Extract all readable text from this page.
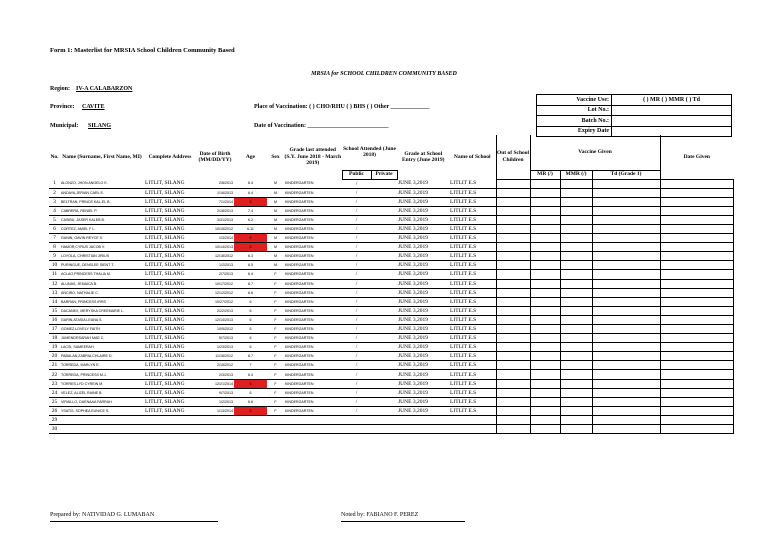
Form 1: Masterlist for MRSIA School Children Community Based
MRSIA for SCHOOL CHILDREN COMMUNITY BASED
Region: IV-A CALABARZON
Province: CAVITE
Municipal: SILANG
Place of Vaccination: ( ) CHO/RHU ( ) BHS ( ) Other _____________
Date of Vaccination: ___________________________
Vaccine Use:	( ) MR ( ) MMR ( ) Td
Lot No.:	
Batch No.:	
Expiry Date	
No.	Name (Surname, First Name, MI)	Complete Address	Date of Birth (MM/DD/YY)	Age	Sex	Grade last attended (S.Y. June 2018 - March 2019)	School Attended (June 2018)		Grade at School Entry (June 2019)	Name of School	Out of School Children	Vaccine Given			Date Given
							Public	Private				MR (/)	MMR (/)	Td (Grade 1)	
1	ALONZO, JHON ANGELO E.	LITLIT, SILANG	2/8/2013	6.4	M	KINDERGARTEN	/		JUNE 3,2019	LITLIT E.S					
2	ANDAYA,JERIAN CARL E.	LITLIT, SILANG	1/16/2013	6.4	M	KINDERGARTEN	/		JUNE 3,2019	LITLIT E.S					
3	BELTRAN, PRINCE KAL-EL B.	LITLIT, SILANG	7/1/2014	5	M	KINDERGARTEN	/		JUNE 3,2019	LITLIT E.S					
4	CABRERA, RENIEL P.	LITLIT, SILANG	2/18/2013	7.4	M	KINDERGARTEN	/		JUNE 3,2019	LITLIT E.S					
5	CASIBU, JASER KALEB B.	LITLIT, SILANG	3/31/2013	6.2	M	KINDERGARTEN	/		JUNE 3,2019	LITLIT E.S					
6	CORTEZ, AMIEL F L.	LITLIT, SILANG	10/15/2012	6.11	M	KINDERGARTEN	/		JUNE 3,2019	LITLIT E.S					
7	GANIN, GAVIN REYCE S.	LITLIT, SILANG	1/3/2014	5	M	KINDERGARTEN	/		JUNE 3,2019	LITLIT E.S					
8	HAMOR,CYRUS JACOB V.	LITLIT, SILANG	10/14/2013	5	M	KINDERGARTEN	/		JUNE 3,2019	LITLIT E.S					
9	LOYOLA, CHRISTIAN JIRIUS	LITLIT, SILANG	12/18/2012	6.3	M	KINDERGARTEN	/		JUNE 3,2019	LITLIT E.S					
10	PURINGUE, DENSLEE SIENT T.	LITLIT, SILANG	1/2/2013	6.5	M	KINDERGARTEN	/		JUNE 3,2019	LITLIT E.S					
11	ACLAO,PRINCESS THALIA M.	LITLIT, SILANG	2/7/2013	6.4	F	KINDERGARTEN	/		JUNE 3,2019	LITLIT E.S					
12	ALUNAS, JEMAICA B.	LITLIT, SILANG	10/17/2012	6.7	F	KINDERGARTEN	/		JUNE 3,2019	LITLIT E.S					
13	ANCIRO, NATHALIE C.	LITLIT, SILANG	12/12/2012	6.6	F	KINDERGARTEN	/		JUNE 3,2019	LITLIT E.S					
14	BARRAN, PRINCESS IRRS	LITLIT, SILANG	10/27/2012	6	F	KINDERGARTEN	/		JUNE 3,2019	LITLIT E.S					
15	DACANEX, MERYSKA CREEMARIE L.	LITLIT, SILANG	2/22/2013	6	F	KINDERGARTEN	/		JUNE 3,2019	LITLIT E.S					
16	GARIN,ATASIA LEANA S.	LITLIT, SILANG	12/14/2013	6	F	KINDERGARTEN	/		JUNE 3,2019	LITLIT E.S					
17	GOMEZ,LOVELY FAITH	LITLIT, SILANG	10/5/2012	6	F	KINDERGARTEN	/		JUNE 3,2019	LITLIT E.S					
18	JUMENDRSARAH MAE C.	LITLIT, SILANG	5/7/2013	6	F	KINDERGARTEN	/		JUNE 3,2019	LITLIT E.S					
19	LACSI, SAMEERAH	LITLIT, SILANG	1/23/2013	6	F	KINDERGARTEN	/		JUNE 3,2019	LITLIT E.S					
20	PABALAN,ZABRIA,CHLAIRE D.	LITLIT, SILANG	11/16/2012	6.7	F	KINDERGARTEN	/		JUNE 3,2019	LITLIT E.S					
21	TORREDA, MARLYN E.	LITLIT, SILANG	2/15/2012	7	F	KINDERGARTEN	/		JUNE 3,2019	LITLIT E.S					
22	TORREDA, PRINCESS M.J.	LITLIT, SILANG	2/3/2013	6.4	F	KINDERGARTEN	/		JUNE 3,2019	LITLIT E.S					
23	TORRES,LYD CYREIN M.	LITLIT, SILANG	12/21/2014	5	F	KINDERGARTEN	/		JUNE 3,2019	LITLIT E.S					
24	VELEZ, ALIZEL RAINE B.	LITLIT, SILANG	9/7/2013	6	F	KINDERGARTEN	/		JUNE 3,2019	LITLIT E.S					
25	VIRAILLO, DAENAAA FARRAH	LITLIT, SILANG	1/2/2013	6.6	F	KINDERGARTEN	/		JUNE 3,2019	LITLIT E.S					
26	YSATIS, SOPHEA EUNICE S.	LITLIT, SILANG	1/13/2014	5	F	KINDERGARTEN	/		JUNE 3,2019	LITLIT E.S					
29															
30															
Prepared by: NATIVIDAD G. LUMABAN	Noted by: FABIANO F. PEREZ
